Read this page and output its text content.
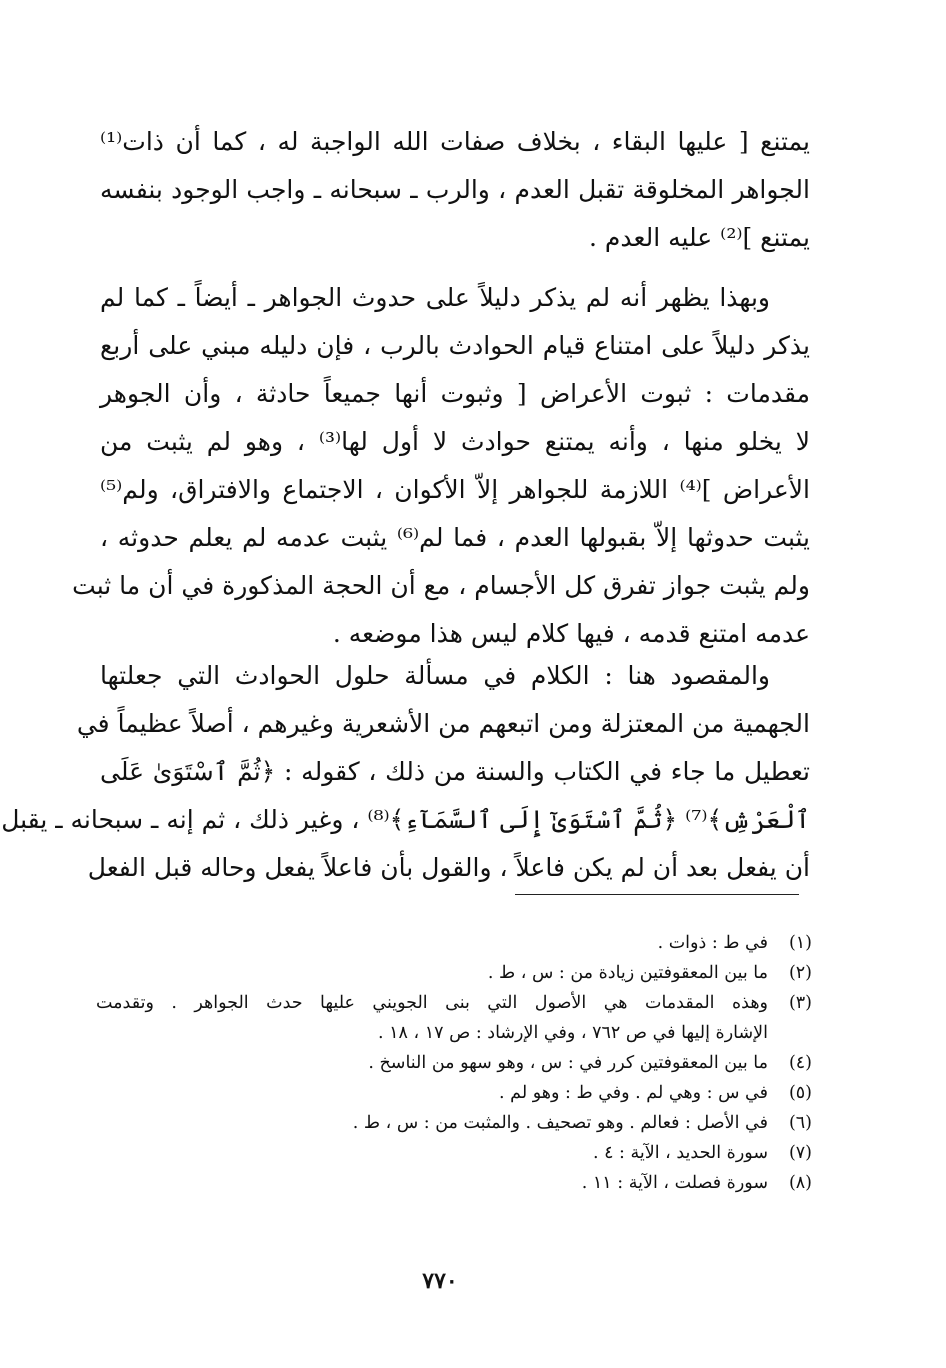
يمتنع [ عليها البقاء ، بخلاف صفات الله الواجبة له ، كما أن ذات⁽¹⁾
الجواهر المخلوقة تقبل العدم ، والرب ـ سبحانه ـ واجب الوجود بنفسه
يمتنع ]⁽²⁾ عليه العدم .
وبهذا يظهر أنه لم يذكر دليلاً على حدوث الجواهر ـ أيضاً ـ كما لم
يذكر دليلاً على امتناع قيام الحوادث بالرب ، فإن دليله مبني على أربع
مقدمات : ثبوت الأعراض [ وثبوت أنها جميعاً حادثة ، وأن الجوهر
لا يخلو منها ، وأنه يمتنع حوادث لا أول لها⁽³⁾ ، وهو لم يثبت من
الأعراض ]⁽⁴⁾ اللازمة للجواهر إلاّ الأكوان ، الاجتماع والافتراق، ولم⁽⁵⁾
يثبت حدوثها إلاّ بقبولها العدم ، فما لم⁽⁶⁾ يثبت عدمه لم يعلم حدوثه ،
ولم يثبت جواز تفرق كل الأجسام ، مع أن الحجة المذكورة في أن ما ثبت
عدمه امتنع قدمه ، فيها كلام ليس هذا موضعه .
والمقصود هنا : الكلام في مسألة حلول الحوادث التي جعلتها
الجهمية من المعتزلة ومن اتبعهم من الأشعرية وغيرهم ، أصلاً عظيماً في
تعطيل ما جاء في الكتاب والسنة من ذلك ، كقوله : ﴿ثُمَّ ٱسْتَوَىٰ عَلَى
ٱلْعَرْشِ﴾⁽⁷⁾ ﴿ثُمَّ ٱسْتَوَىٰٓ إِلَى ٱلسَّمَآءِ﴾⁽⁸⁾ ، وغير ذلك ، ثم إنه ـ سبحانه ـ يقبل
أن يفعل بعد أن لم يكن فاعلاً ، والقول بأن فاعلاً يفعل وحاله قبل الفعل
(١)
في ط : ذوات .
(٢)
ما بين المعقوفتين زيادة من : س ، ط .
(٣)
وهذه المقدمات هي الأصول التي بنى الجويني عليها حدث الجواهر . وتقدمت
الإشارة إليها في ص ٧٦٢ ، وفي الإرشاد : ص ١٧ ، ١٨ .
(٤)
ما بين المعقوفتين كرر في : س ، وهو سهو من الناسخ .
(٥)
في س : وهي لم . وفي ط : وهو لم .
(٦)
في الأصل : فعالم . وهو تصحيف . والمثبت من : س ، ط .
(٧)
سورة الحديد ، الآية : ٤ .
(٨)
سورة فصلت ، الآية : ١١ .
٧٧٠
